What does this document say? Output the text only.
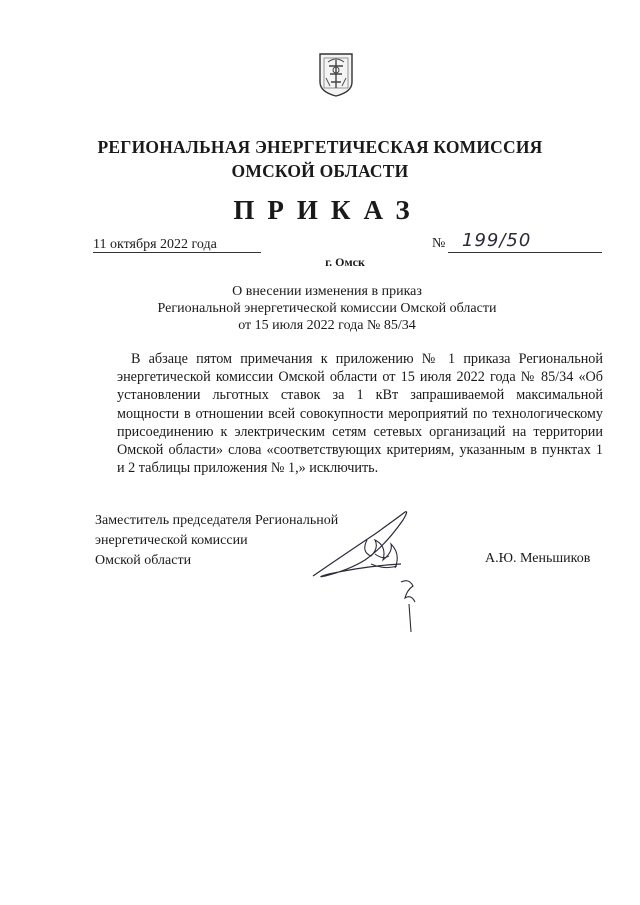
РЕГИОНАЛЬНАЯ ЭНЕРГЕТИЧЕСКАЯ КОМИССИЯ
ОМСКОЙ ОБЛАСТИ
ПРИКАЗ
11 октября 2022 года	№ 199/50
г. Омск
О внесении изменения в приказ
Региональной энергетической комиссии Омской области
от 15 июля 2022 года № 85/34
В абзаце пятом примечания к приложению № 1 приказа Региональной
энергетической комиссии Омской области от 15 июля 2022 года № 85/34 «Об
установлении льготных ставок за 1 кВт запрашиваемой максимальной
мощности в отношении всей совокупности мероприятий по технологическому
присоединению к электрическим сетям сетевых организаций на территории
Омской области» слова «соответствующих критериям, указанным в пунктах 1
и 2 таблицы приложения № 1,» исключить.
Заместитель председателя Региональной
энергетической комиссии
Омской области	А.Ю. Меньшиков
